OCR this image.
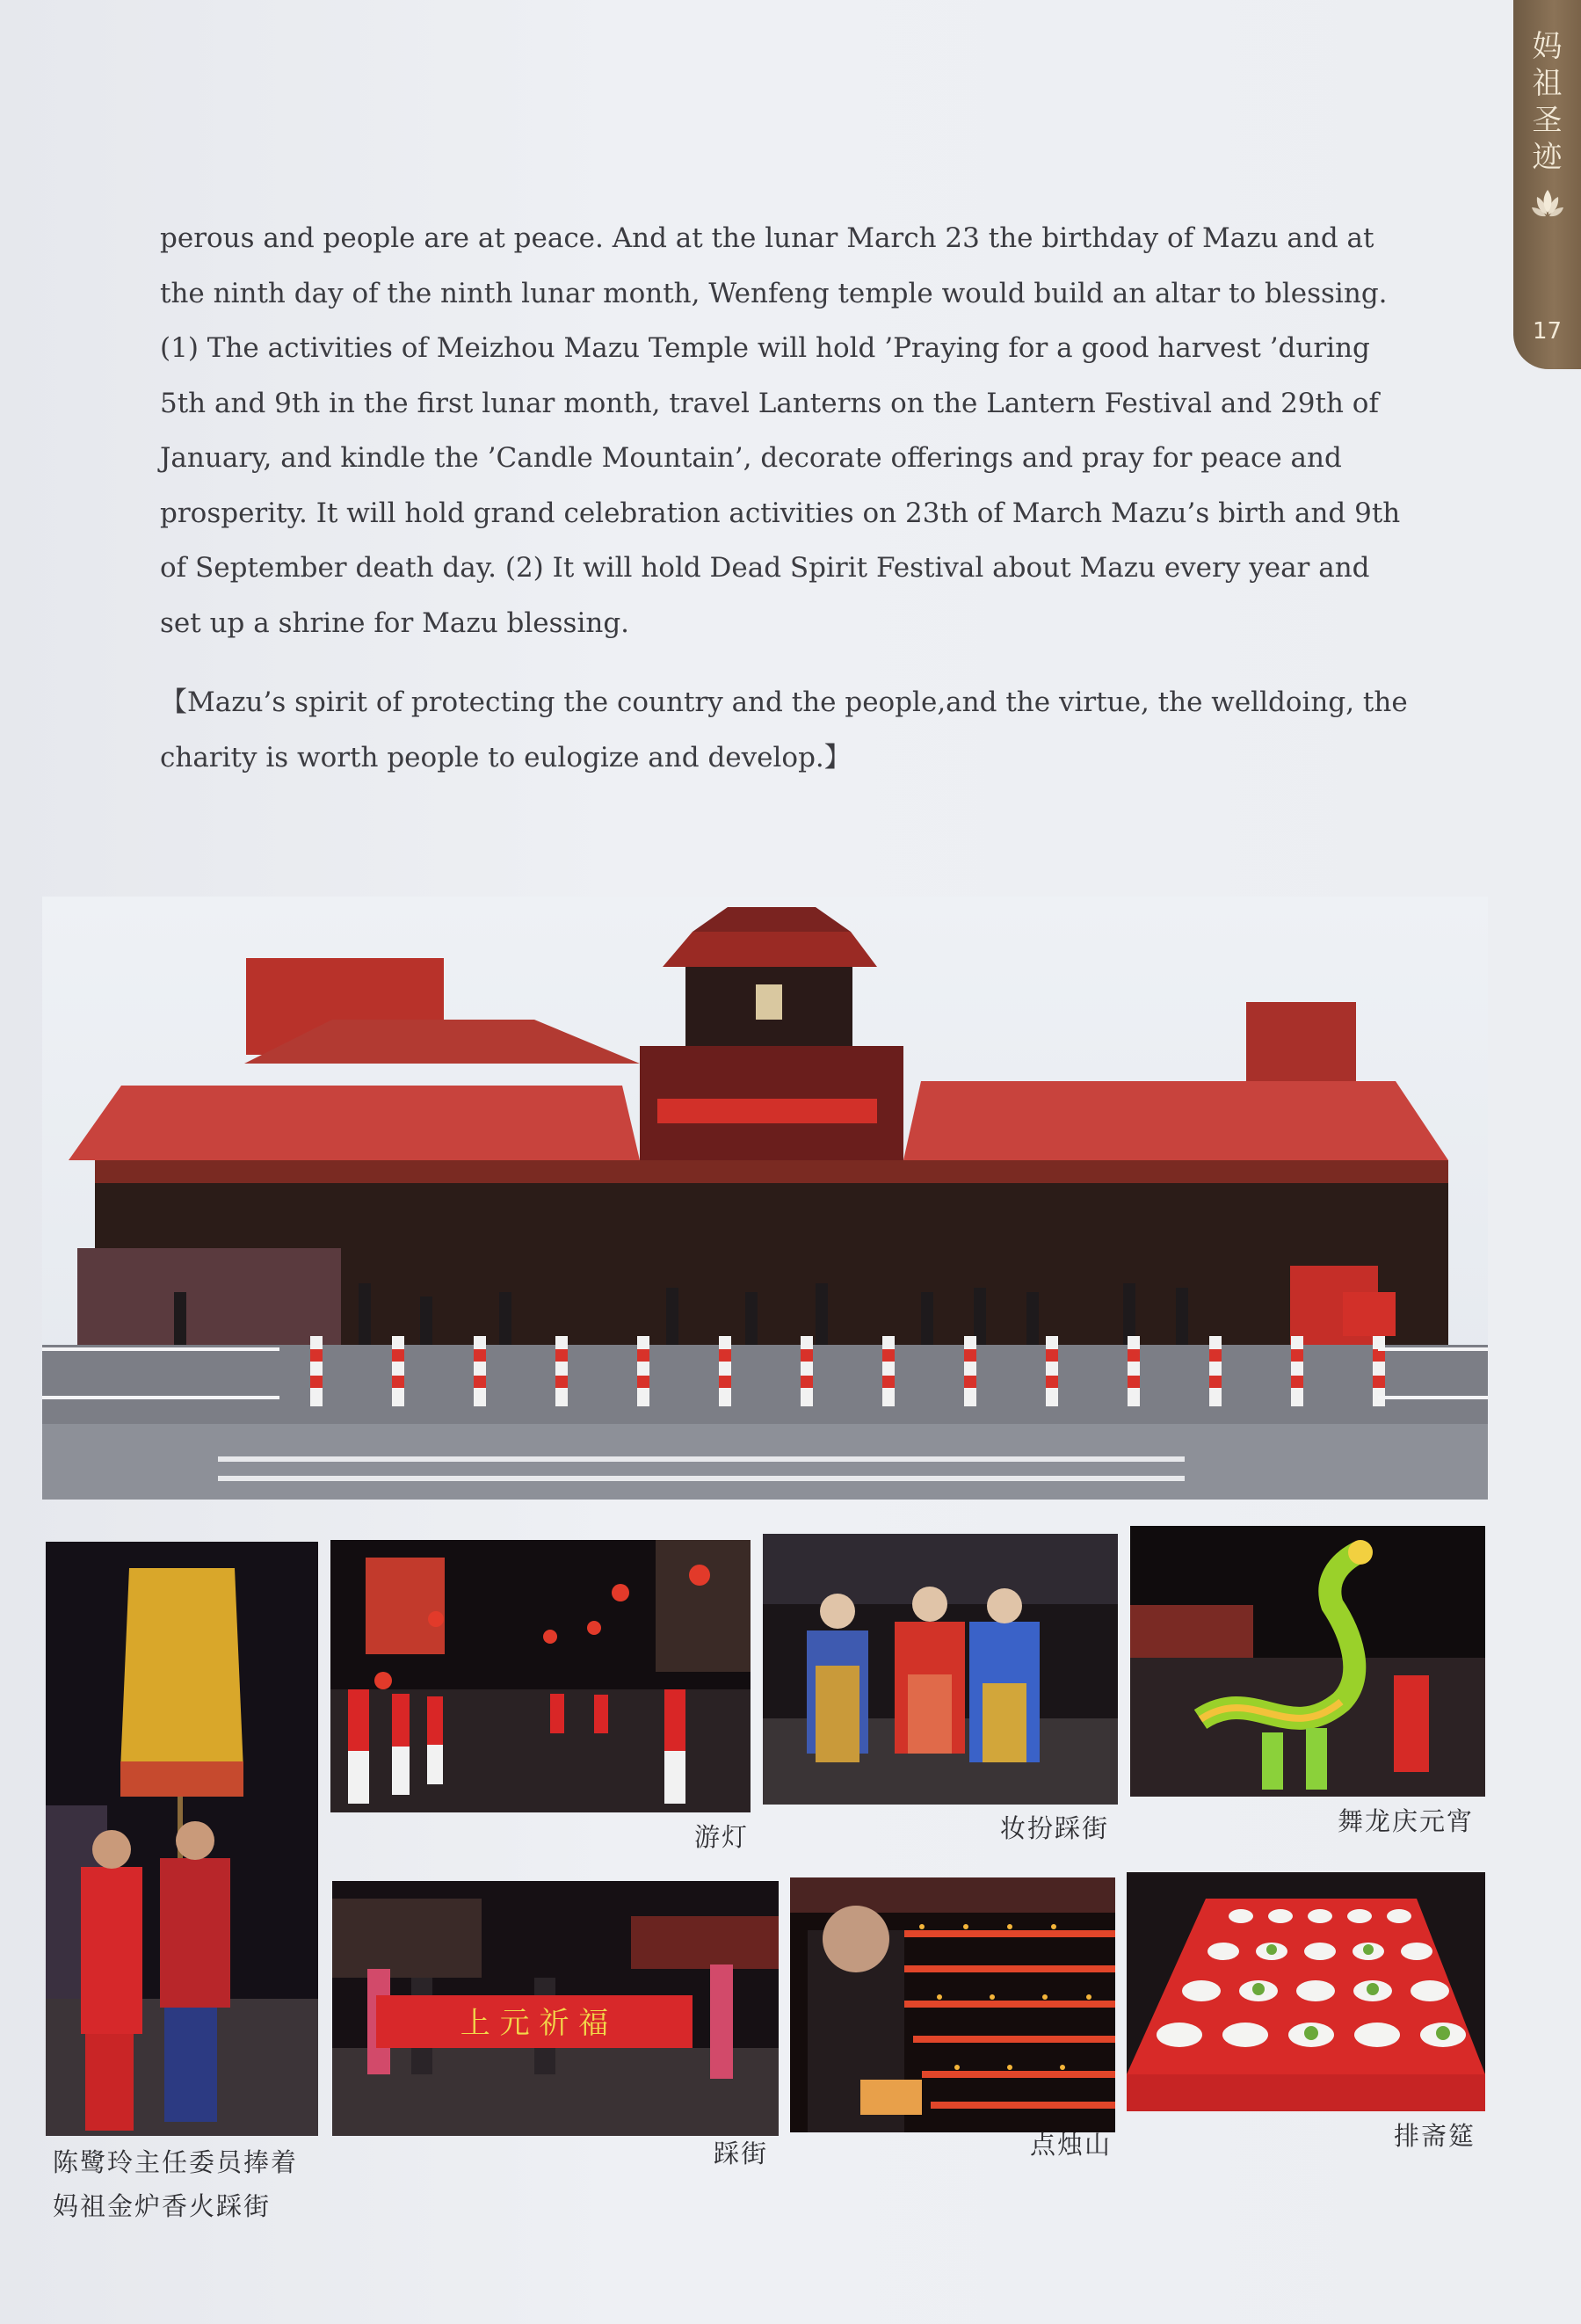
妈
祖
圣
迹
17

perous and people are at peace. And at the lunar March 23 the birthday of Mazu and at

the ninth day of the ninth lunar month, Wenfeng temple would build an altar to blessing.

(1) The activities of Meizhou Mazu Temple will hold ’Praying for a good harvest ’during

5th and 9th in the first lunar month, travel Lanterns on the Lantern Festival and 29th of

January, and kindle the ’Candle Mountain’, decorate offerings and pray for peace and

prosperity. It will hold grand celebration activities on 23th of March Mazu’s birth and 9th

of September death day. (2) It will hold Dead Spirit Festival about Mazu every year and

set up a shrine for Mazu blessing.

【Mazu’s spirit of protecting the country and the people,and the virtue, the welldoing, the

charity is worth people to eulogize and develop.】

上 元 祈 福
游灯	妆扮踩街	舞龙庆元宵
踩街	点烛山	排斋筵
陈鹭玲主任委员捧着
妈祖金炉香火踩街
